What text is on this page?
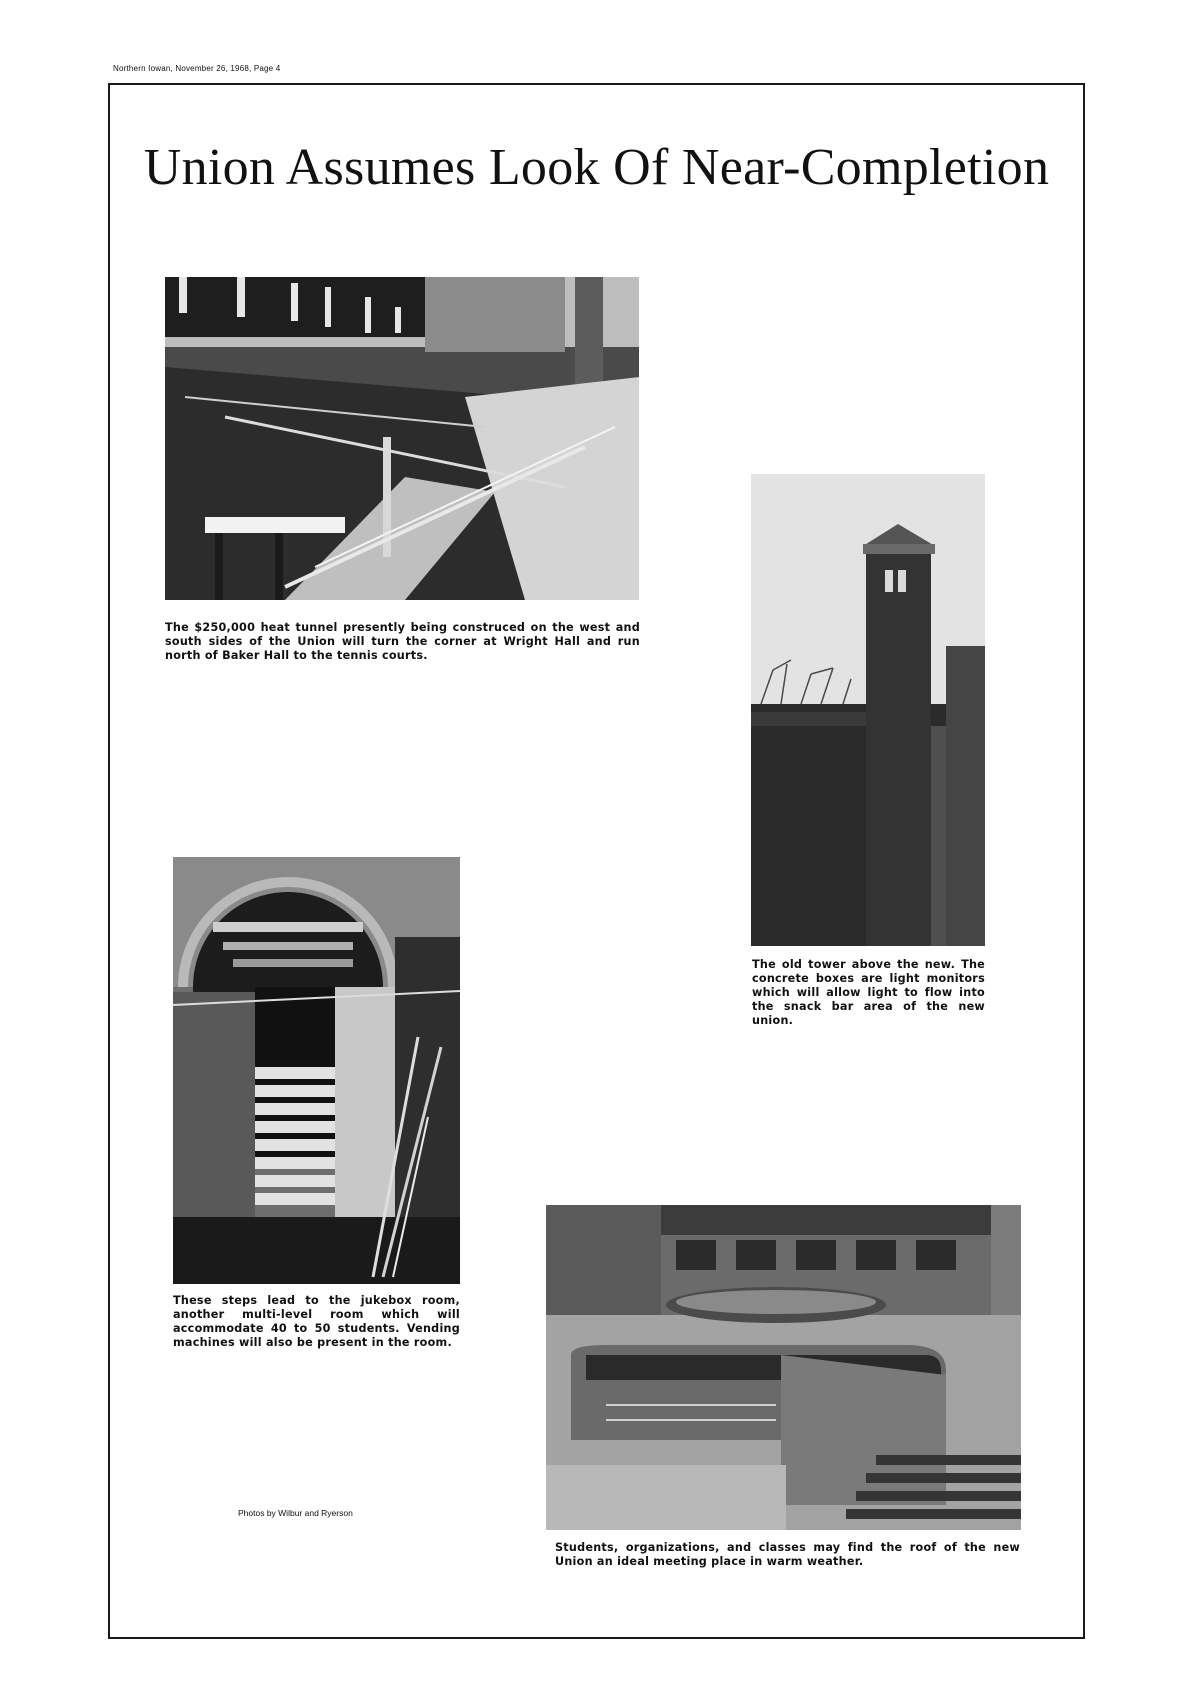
Northern Iowan, November 26, 1968, Page 4
Union Assumes Look Of Near-Completion

The $250,000 heat tunnel presently being construced on the west and south sides of the Union will turn the corner at Wright Hall and run north of Baker Hall to the tennis courts.

The old tower above the new. The concrete boxes are light monitors which will allow light to flow into the snack bar area of the new union.

These steps lead to the jukebox room, another multi-level room which will accommodate 40 to 50 students. Vending machines will also be present in the room.

Photos by Wilbur and Ryerson

Students, organizations, and classes may find the roof of the new Union an ideal meeting place in warm weather.
